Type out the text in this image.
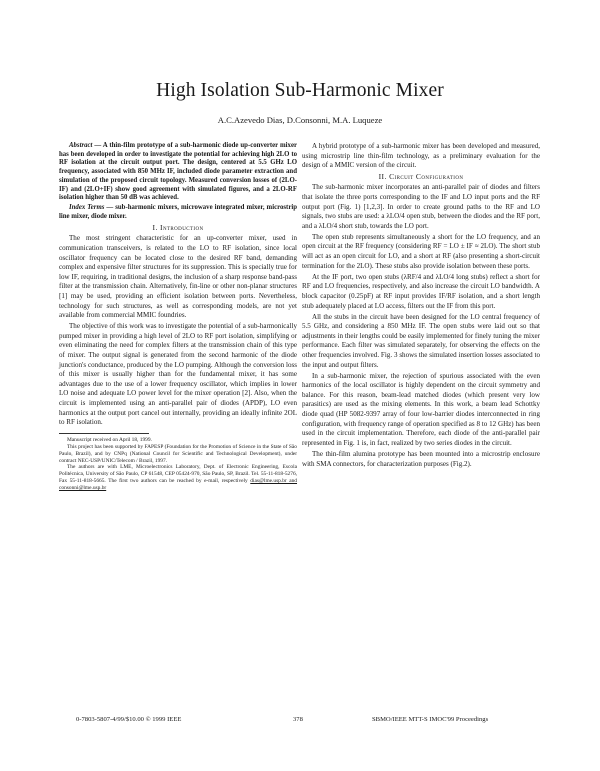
High Isolation Sub-Harmonic Mixer
A.C.Azevedo Dias, D.Consonni, M.A. Luqueze

Abstract — A thin-film prototype of a sub-harmonic diode up-converter mixer has been developed in order to investigate the potential for achieving high 2LO to RF isolation at the circuit output port. The design, centered at 5.5 GHz LO frequency, associated with 850 MHz IF, included diode parameter extraction and simulation of the proposed circuit topology. Measured conversion losses of (2LO-IF) and (2LO+IF) show good agreement with simulated figures, and a 2LO-RF isolation higher than 50 dB was achieved.

Index Terms — sub-harmonic mixers, microwave integrated mixer, microstrip line mixer, diode mixer.

I. Introduction

The most stringent characteristic for an up-converter mixer, used in communication transceivers, is related to the LO to RF isolation, since local oscillator frequency can be located close to the desired RF band, demanding complex and expensive filter structures for its suppression. This is specially true for low IF, requiring, in traditional designs, the inclusion of a sharp response band-pass filter at the transmission chain. Alternatively, fin-line or other non-planar structures [1] may be used, providing an efficient isolation between ports. Nevertheless, technology for such structures, as well as corresponding models, are not yet available from commercial MMIC foundries.

The objective of this work was to investigate the potential of a sub-harmonically pumped mixer in providing a high level of 2LO to RF port isolation, simplifying or even eliminating the need for complex filters at the transmission chain of this type of mixer. The output signal is generated from the second harmonic of the diode junction's conductance, produced by the LO pumping. Although the conversion loss of this mixer is usually higher than for the fundamental mixer, it has some advantages due to the use of a lower frequency oscillator, which implies in lower LO noise and adequate LO power level for the mixer operation [2]. Also, when the circuit is implemented using an anti-parallel pair of diodes (APDP), LO even harmonics at the output port cancel out internally, providing an ideally infinite 2OL to RF isolation.

Manuscript received on April 18, 1999.
This project has been supported by FAPESP (Foundation for the Promotion of Science in the State of São Paulo, Brazil), and by CNPq (National Council for Scientific and Technological Development), under contract NEC-USP/UNIC/Telecom / Brazil, 1997.
The authors are with LME, Microelectronics Laboratory, Dept. of Electronic Engineering, Escola Politécnica, University of São Paulo, CP 61548, CEP 05424-970, São Paulo, SP, Brazil. Tel. 55-11-818-5276, Fax 55-11-818-5665. The first two authors can be reached by e-mail, respectively dias@lme.usp.br and consonni@lme.usp.br

A hybrid prototype of a sub-harmonic mixer has been developed and measured, using microstrip line thin-film technology, as a preliminary evaluation for the design of a MMIC version of the circuit.

II. Circuit Configuration

The sub-harmonic mixer incorporates an anti-parallel pair of diodes and filters that isolate the three ports corresponding to the IF and LO input ports and the RF output port (Fig. 1) [1,2,3]. In order to create ground paths to the RF and LO signals, two stubs are used: a λLO/4 open stub, between the diodes and the RF port, and a λLO/4 short stub, towards the LO port.

The open stub represents simultaneously a short for the LO frequency, and an open circuit at the RF frequency (considering RF = LO ± IF ≈ 2LO). The short stub will act as an open circuit for LO, and a short at RF (also presenting a short-circuit termination for the 2LO). These stubs also provide isolation between these ports.

At the IF port, two open stubs (λRF/4 and λLO/4 long stubs) reflect a short for RF and LO frequencies, respectively, and also increase the circuit LO bandwidth. A block capacitor (0.25pF) at RF input provides IF/RF isolation, and a short length stub adequately placed at LO access, filters out the IF from this port.

All the stubs in the circuit have been designed for the LO central frequency of 5.5 GHz, and considering a 850 MHz IF. The open stubs were laid out so that adjustments in their lengths could be easily implemented for finely tuning the mixer performance. Each filter was simulated separately, for observing the effects on the other frequencies involved. Fig. 3 shows the simulated insertion losses associated to the input and output filters.

In a sub-harmonic mixer, the rejection of spurious associated with the even harmonics of the local oscillator is highly dependent on the circuit symmetry and balance. For this reason, beam-lead matched diodes (which present very low parasitics) are used as the mixing elements. In this work, a beam lead Schottky diode quad (HP 5082-9397 array of four low-barrier diodes interconnected in ring configuration, with frequency range of operation specified as 8 to 12 GHz) has been used in the circuit implementation. Therefore, each diode of the anti-parallel pair represented in Fig. 1 is, in fact, realized by two series diodes in the circuit.

The thin-film alumina prototype has been mounted into a microstrip enclosure with SMA connectors, for characterization purposes (Fig.2).

0-7803-5807-4/99/$10.00 © 1999 IEEE	378	SBMO/IEEE MTT-S IMOC'99 Proceedings
